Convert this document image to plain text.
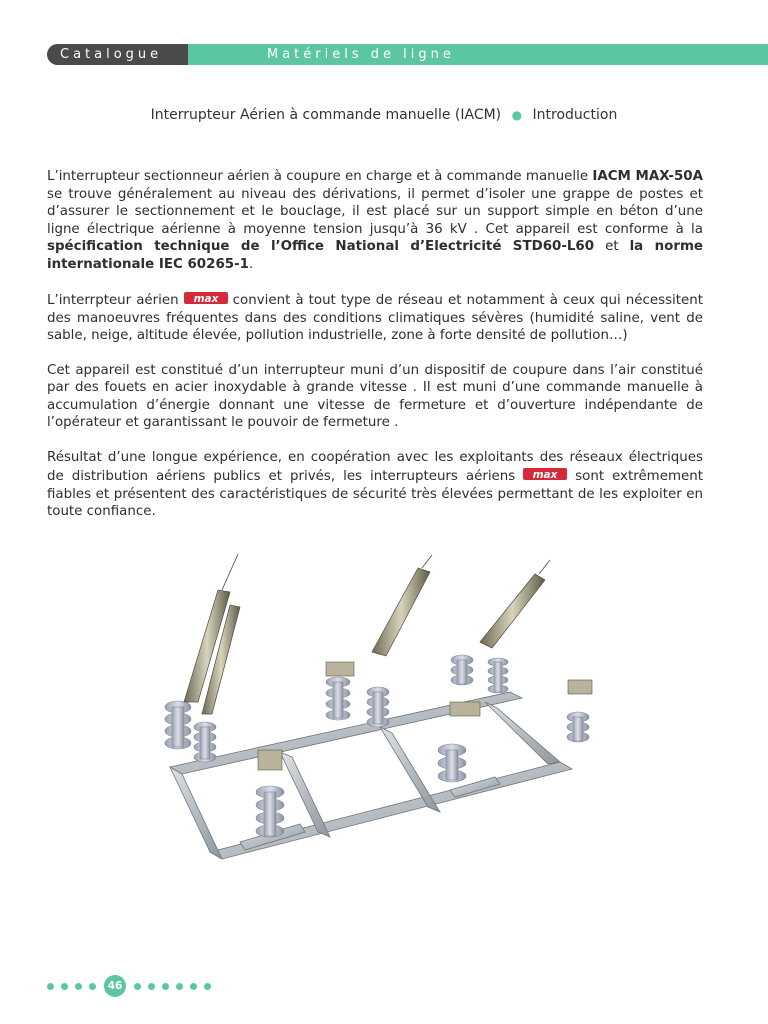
Catalogue	Matériels de ligne
Interrupteur Aérien à commande manuelle (IACM) ● Introduction

L’interrupteur sectionneur aérien à coupure en charge et à commande manuelle IACM MAX-50A se trouve généralement au niveau des dérivations, il permet d’isoler une grappe de postes et d’assurer le sectionnement et le bouclage, il est placé sur un support simple en béton d’une ligne électrique aérienne à moyenne tension jusqu’à 36 kV . Cet appareil est conforme à la spécification technique de l’Office National d’Electricité STD60-L60 et la norme internationale IEC 60265-1.

L’interrpteur aérien max convient à tout type de réseau et notamment à ceux qui nécessitent des manoeuvres fréquentes dans des conditions climatiques sévères (humidité saline, vent de sable, neige, altitude élevée, pollution industrielle, zone à forte densité de pollution…)

Cet appareil est constitué d’un interrupteur muni d’un dispositif de coupure dans l’air constitué par des fouets en acier inoxydable à grande vitesse . Il est muni d’une commande manuelle à accumulation d’énergie donnant une vitesse de fermeture et d’ouverture indépendante de l’opérateur et garantissant le pouvoir de fermeture .

Résultat d’une longue expérience, en coopération avec les exploitants des réseaux électriques de distribution aériens publics et privés, les interrupteurs aériens max sont extrêmement fiables et présentent des caractéristiques de sécurité très élevées permettant de les exploiter en toute confiance.

46
